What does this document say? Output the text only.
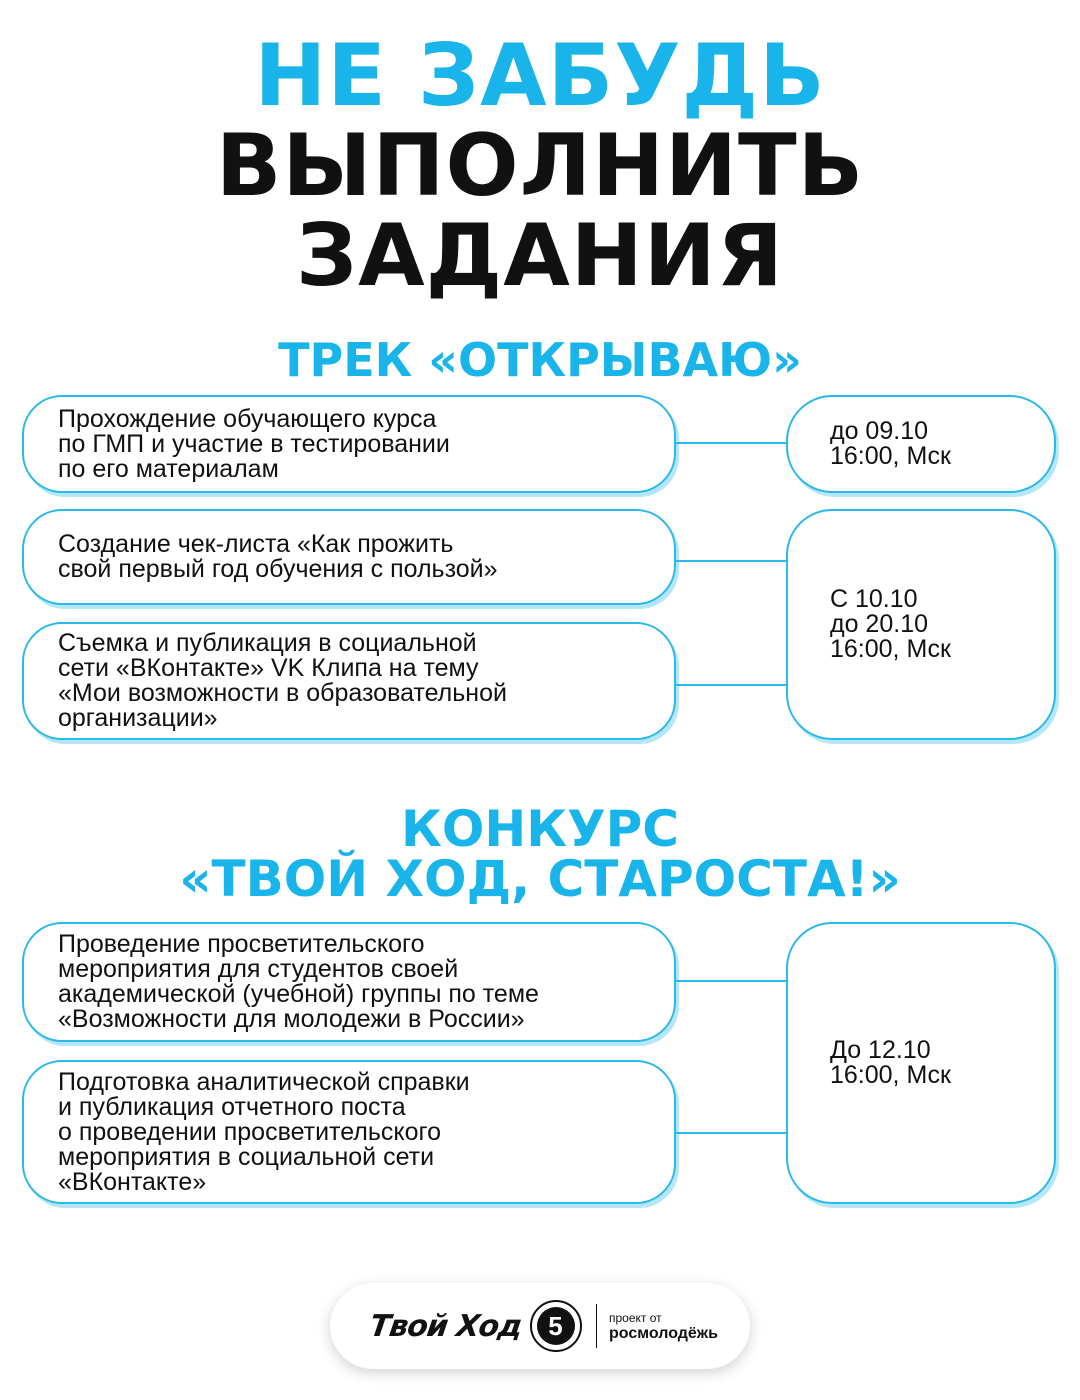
НЕ ЗАБУДЬ
ВЫПОЛНИТЬ
ЗАДАНИЯ
ТРЕК «ОТКРЫВАЮ»
Прохождение обучающего курса
по ГМП и участие в тестировании
по его материалам
до 09.10
16:00, Мск
Создание чек-листа «Как прожить
свой первый год обучения с пользой»
Съемка и публикация в социальной
сети «ВКонтакте» VK Клипа на тему
«Мои возможности в образовательной
организации»
С 10.10
до 20.10
16:00, Мск
КОНКУРС
«ТВОЙ ХОД, СТАРОСТА!»
Проведение просветительского
мероприятия для студентов своей
академической (учебной) группы по теме
«Возможности для молодежи в России»
Подготовка аналитической справки
и публикация отчетного поста
о проведении просветительского
мероприятия в социальной сети
«ВКонтакте»
До 12.10
16:00, Мск
Твой Ход 5	проект от
росмолодёжь
